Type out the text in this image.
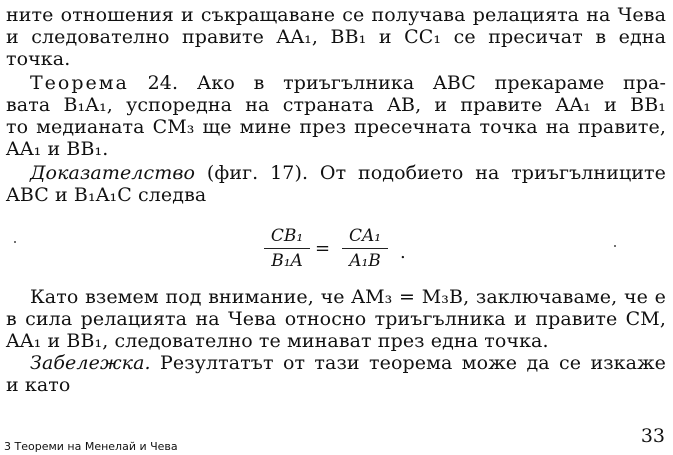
ните отношения и съкращаване се получава релацията на Чева
и следователно правите AA₁, BB₁ и CC₁ се пресичат в една
точка.
Теорема 24. Ако в триъгълника ABC прекараме пра-
вата B₁A₁, успоредна на страната AB, и правите AA₁ и BB₁
то медианата CM₃ ще мине през пресечната точка на правите,
AA₁ и BB₁.
Доказателство (фиг. 17). От подобието на триъгълниците
ABC и B₁A₁C следва
CB₁
B₁A
=
CA₁
A₁B	.
Като вземем под внимание, че AM₃ = M₃B, заключаваме, че е
в сила релацията на Чева относно триъгълника и правите CM,
AA₁ и BB₁, следователно те минават през една точка.
Забележка. Резултатът от тази теорема може да се изкаже
и като
3 Теореми на Менелай и Чева	33
